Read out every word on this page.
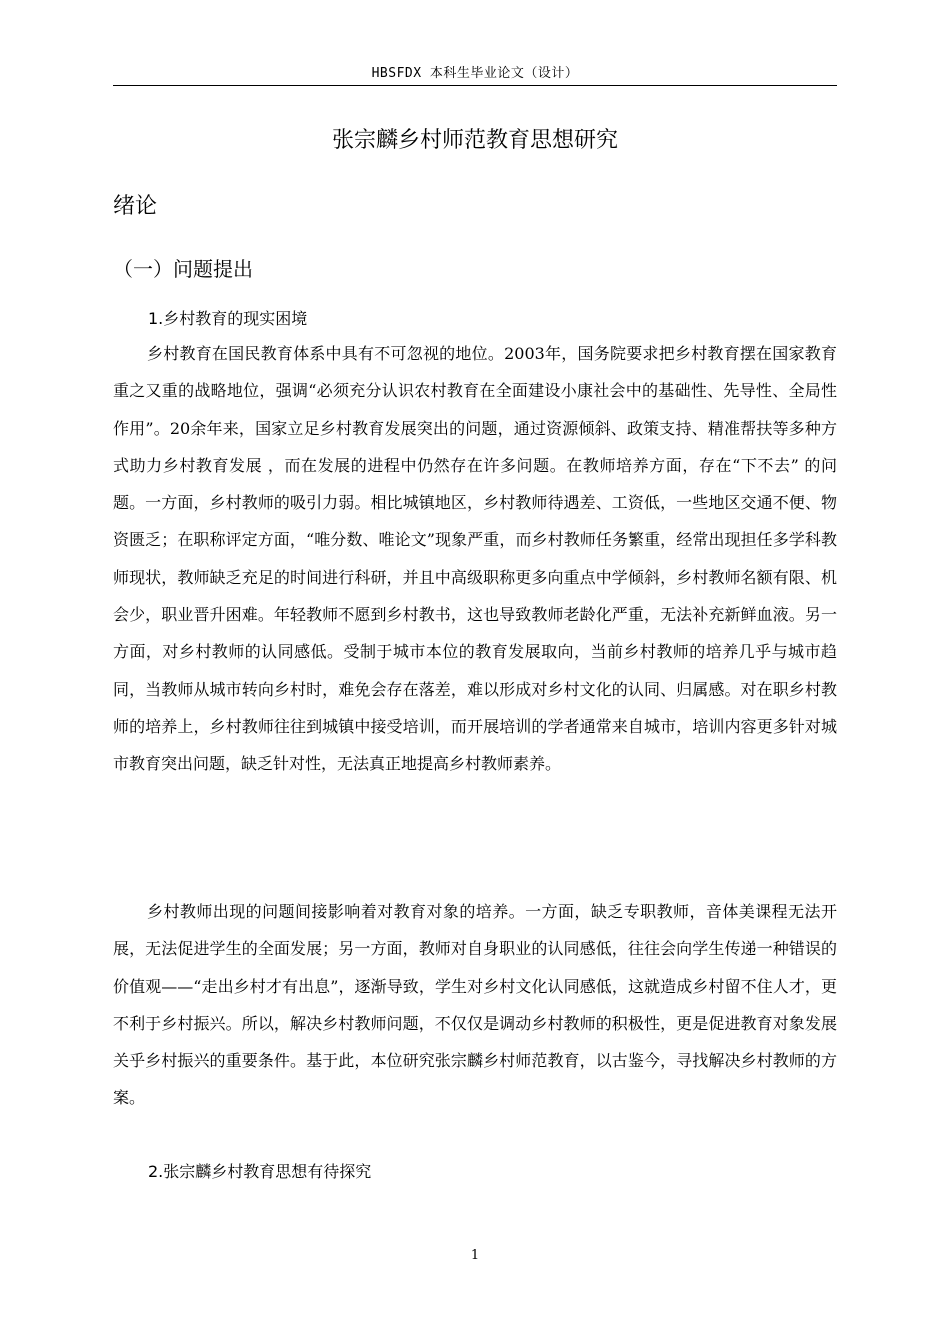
HBSFDX 本科生毕业论文（设计）
张宗麟乡村师范教育思想研究
绪论
（一）问题提出
1.乡村教育的现实困境

乡村教育在国民教育体系中具有不可忽视的地位。2003年，国务院要求把乡村教育摆在国家教育重之又重的战略地位，强调“必须充分认识农村教育在全面建设小康社会中的基础性、先导性、全局性作用”。20余年来，国家立足乡村教育发展突出的问题，通过资源倾斜、政策支持、精准帮扶等多种方式助力乡村教育发展 ，而在发展的进程中仍然存在许多问题。在教师培养方面，存在“下不去” 的问题。一方面，乡村教师的吸引力弱。相比城镇地区，乡村教师待遇差、工资低，一些地区交通不便、物资匮乏；在职称评定方面，“唯分数、唯论文”现象严重，而乡村教师任务繁重，经常出现担任多学科教师现状，教师缺乏充足的时间进行科研，并且中高级职称更多向重点中学倾斜，乡村教师名额有限、机会少，职业晋升困难。年轻教师不愿到乡村教书，这也导致教师老龄化严重，无法补充新鲜血液。另一方面，对乡村教师的认同感低。受制于城市本位的教育发展取向，当前乡村教师的培养几乎与城市趋同，当教师从城市转向乡村时，难免会存在落差，难以形成对乡村文化的认同、归属感。对在职乡村教师的培养上，乡村教师往往到城镇中接受培训，而开展培训的学者通常来自城市，培训内容更多针对城市教育突出问题，缺乏针对性，无法真正地提高乡村教师素养。

乡村教师出现的问题间接影响着对教育对象的培养。一方面，缺乏专职教师，音体美课程无法开展，无法促进学生的全面发展；另一方面，教师对自身职业的认同感低，往往会向学生传递一种错误的价值观——“走出乡村才有出息”，逐渐导致，学生对乡村文化认同感低，这就造成乡村留不住人才，更不利于乡村振兴。所以，解决乡村教师问题，不仅仅是调动乡村教师的积极性，更是促进教育对象发展关乎乡村振兴的重要条件。基于此，本位研究张宗麟乡村师范教育，以古鉴今，寻找解决乡村教师的方案。

2.张宗麟乡村教育思想有待探究
1
